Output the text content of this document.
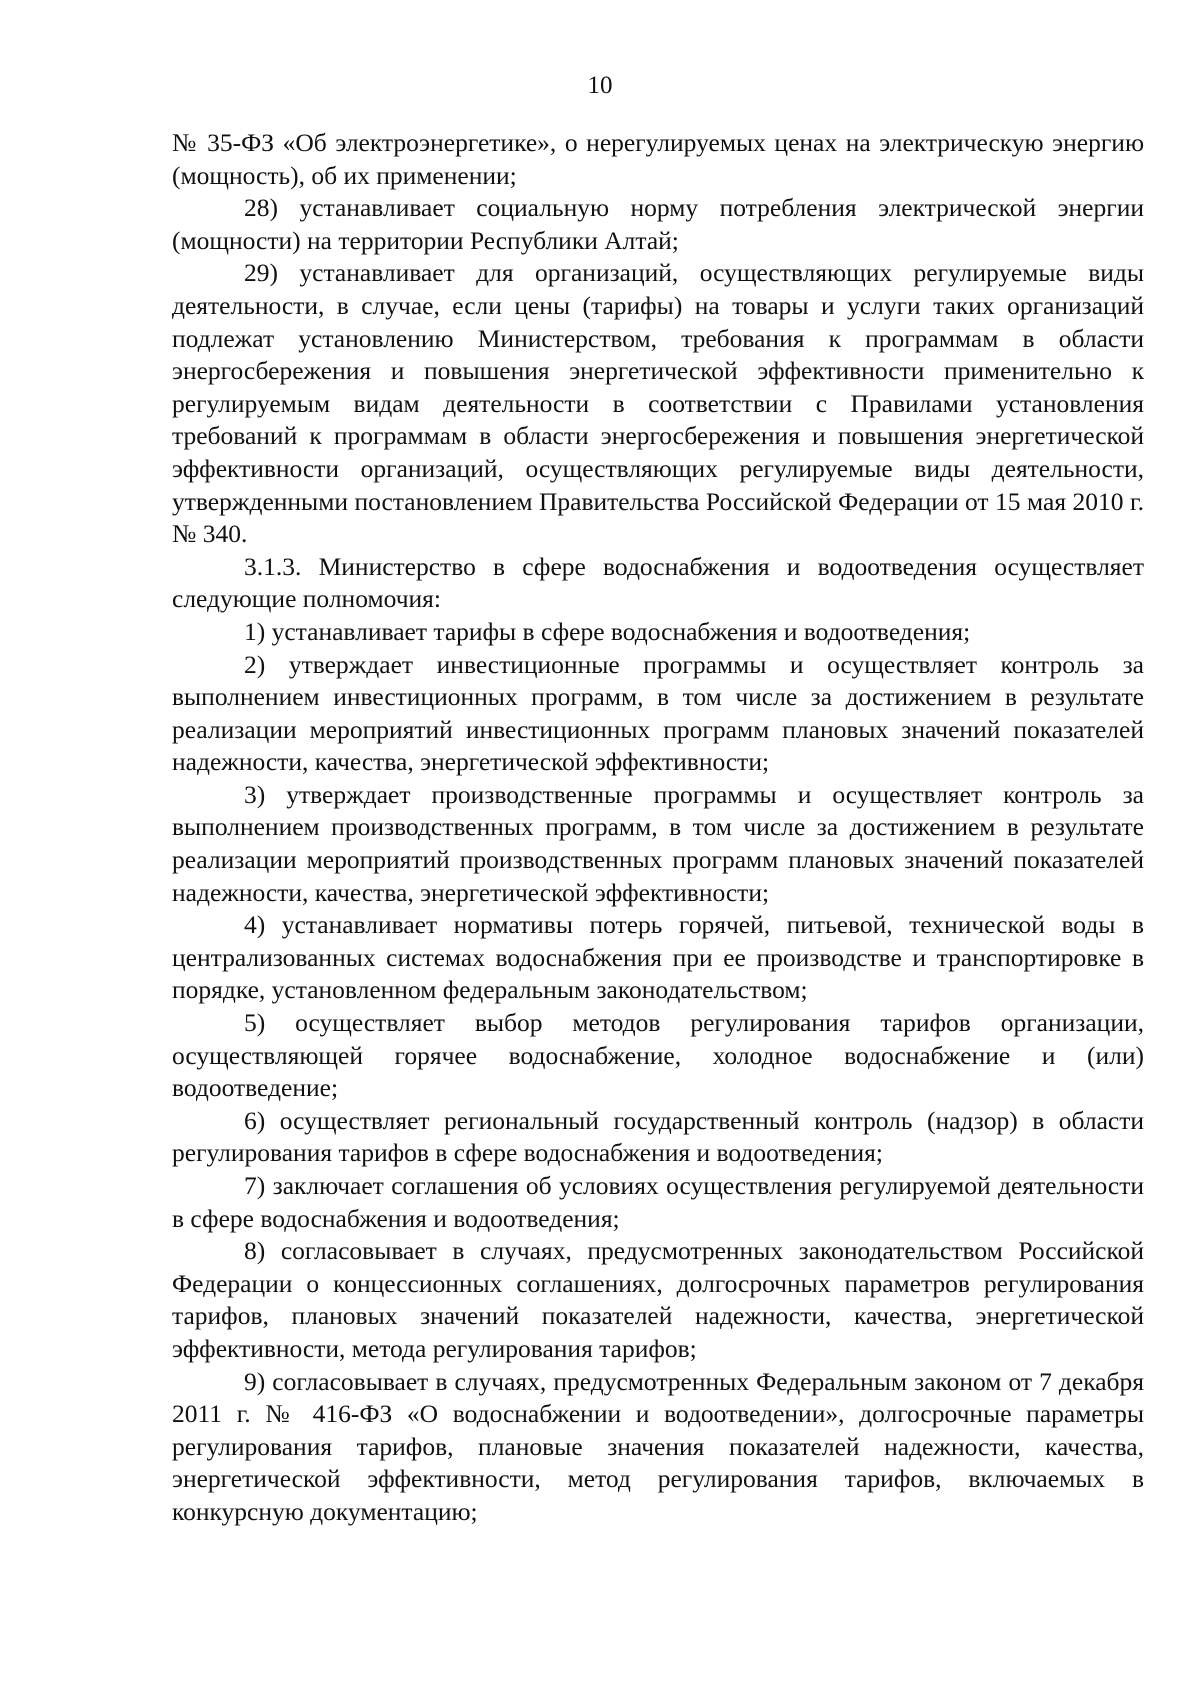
10

№ 35-ФЗ «Об электроэнергетике», о нерегулируемых ценах на электрическую энергию (мощность), об их применении;

28) устанавливает социальную норму потребления электрической энергии (мощности) на территории Республики Алтай;

29) устанавливает для организаций, осуществляющих регулируемые виды деятельности, в случае, если цены (тарифы) на товары и услуги таких организаций подлежат установлению Министерством, требования к программам в области энергосбережения и повышения энергетической эффективности применительно к регулируемым видам деятельности в соответствии с Правилами установления требований к программам в области энергосбережения и повышения энергетической эффективности организаций, осуществляющих регулируемые виды деятельности, утвержденными постановлением Правительства Российской Федерации от 15 мая 2010 г. № 340.

3.1.3. Министерство в сфере водоснабжения и водоотведения осуществляет следующие полномочия:

1) устанавливает тарифы в сфере водоснабжения и водоотведения;

2) утверждает инвестиционные программы и осуществляет контроль за выполнением инвестиционных программ, в том числе за достижением в результате реализации мероприятий инвестиционных программ плановых значений показателей надежности, качества, энергетической эффективности;

3) утверждает производственные программы и осуществляет контроль за выполнением производственных программ, в том числе за достижением в результате реализации мероприятий производственных программ плановых значений показателей надежности, качества, энергетической эффективности;

4) устанавливает нормативы потерь горячей, питьевой, технической воды в централизованных системах водоснабжения при ее производстве и транспортировке в порядке, установленном федеральным законодательством;

5) осуществляет выбор методов регулирования тарифов организации, осуществляющей горячее водоснабжение, холодное водоснабжение и (или) водоотведение;

6) осуществляет региональный государственный контроль (надзор) в области регулирования тарифов в сфере водоснабжения и водоотведения;

7) заключает соглашения об условиях осуществления регулируемой деятельности в сфере водоснабжения и водоотведения;

8) согласовывает в случаях, предусмотренных законодательством Российской Федерации о концессионных соглашениях, долгосрочных параметров регулирования тарифов, плановых значений показателей надежности, качества, энергетической эффективности, метода регулирования тарифов;

9) согласовывает в случаях, предусмотренных Федеральным законом от 7 декабря 2011 г. № 416-ФЗ «О водоснабжении и водоотведении», долгосрочные параметры регулирования тарифов, плановые значения показателей надежности, качества, энергетической эффективности, метод регулирования тарифов, включаемых в конкурсную документацию;
